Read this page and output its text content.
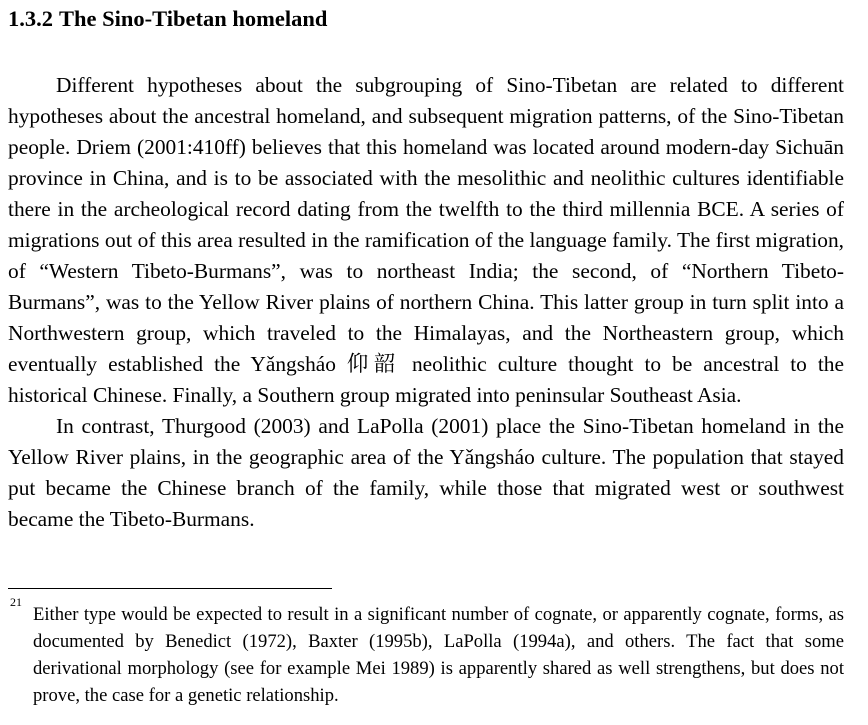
1.3.2 The Sino-Tibetan homeland

Different hypotheses about the subgrouping of Sino-Tibetan are related to different hypotheses about the ancestral homeland, and subsequent migration patterns, of the Sino-Tibetan people. Driem (2001:410ff) believes that this homeland was located around modern-day Sichuān province in China, and is to be associated with the mesolithic and neolithic cultures identifiable there in the archeological record dating from the twelfth to the third millennia BCE. A series of migrations out of this area resulted in the ramification of the language family. The first migration, of “Western Tibeto-Burmans”, was to northeast India; the second, of “Northern Tibeto-Burmans”, was to the Yellow River plains of northern China. This latter group in turn split into a Northwestern group, which traveled to the Himalayas, and the Northeastern group, which eventually established the Yǎngsháo 仰韶 neolithic culture thought to be ancestral to the historical Chinese. Finally, a Southern group migrated into peninsular Southeast Asia.

In contrast, Thurgood (2003) and LaPolla (2001) place the Sino-Tibetan homeland in the Yellow River plains, in the geographic area of the Yǎngsháo culture. The population that stayed put became the Chinese branch of the family, while those that migrated west or southwest became the Tibeto-Burmans.

21
Either type would be expected to result in a significant number of cognate, or apparently cognate, forms, as documented by Benedict (1972), Baxter (1995b), LaPolla (1994a), and others. The fact that some derivational morphology (see for example Mei 1989) is apparently shared as well strengthens, but does not prove, the case for a genetic relationship.
